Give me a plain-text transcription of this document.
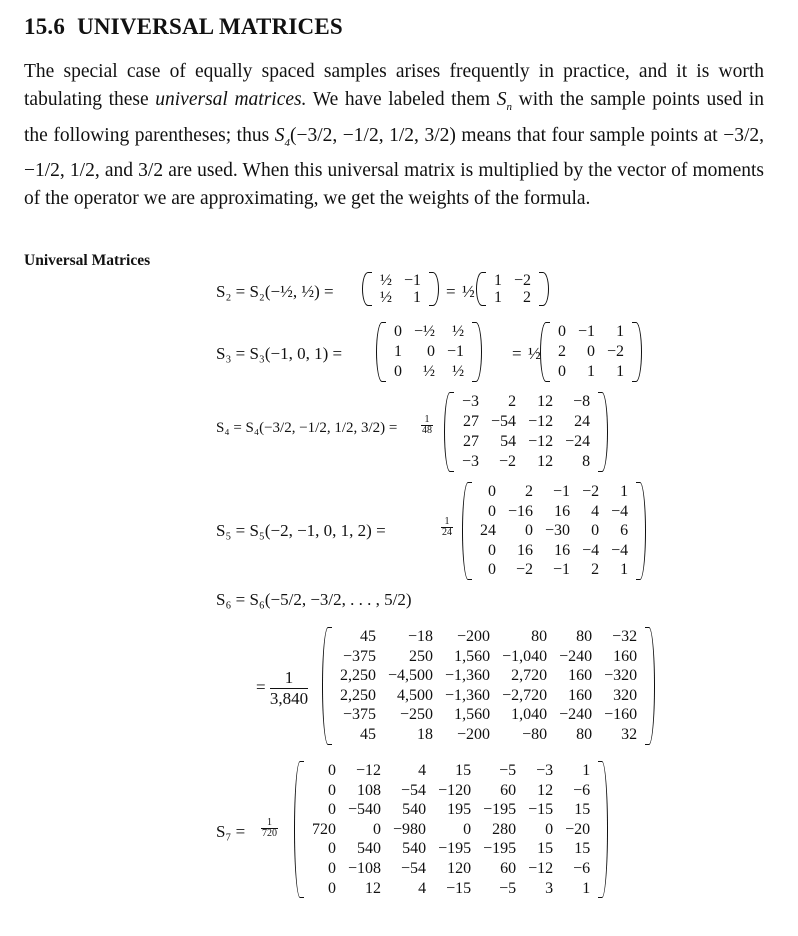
15.6 UNIVERSAL MATRICES
The special case of equally spaced samples arises frequently in practice, and it is worth tabulating these universal matrices. We have labeled them $S_n$ with the sample points used in the following parentheses; thus $S_4(-3/2$, −1/2, 1/2, 3/2) means that four sample points at −3/2, −1/2, 1/2, and 3/2 are used. When this universal matrix is multiplied by the vector of moments of the operator we are approximating, we get the weights of the formula.
Universal Matrices
S₂ = S₂(−½, ½) =
½	−1
½	1 = ½
1	−2
1	2
S₃ = S₃(−1, 0, 1) =
0	−½	½
1	0	−1
0	½	½
= ½
0	−1	1
2	0	−2
0	1	1
S₄ = S₄(−3/2, −1/2, 1/2, $3/2) = \frac{1}{48}$
−3	2	12	−8
27	−54	−12	24
27	54	−12	−24
−3	−2	12	8
S₅ = S₅(−2, −1, 0, 1, 2) =	$\frac{1}{24}$
0	2	−1	−2	1
0	−16	16	4	−4
24	0	−30	0	6
0	16	16	−4	−4
0	−2	−1	2	1
S₆ = S₆(−5/2, −3/2, . . . , 5/2)
= $\frac{1}{3,840}$
45	−18	−200	80	80	−32
−375	250	1,560	−1,040	−240	160
2,250	−4,500	−1,360	2,720	160	−320
2,250	4,500	−1,360	−2,720	160	320
−375	−250	1,560	1,040	−240	−160
45	18	−200	−80	80	32
$S_7 = \frac{1}{720}$
0	−12	4	15	−5	−3	1
0	108	−54	−120	60	12	−6
0	−540	540	195	−195	−15	15
720	0	−980	0	280	0	−20
0	540	540	−195	−195	15	15
0	−108	−54	120	60	−12	−6
0	12	4	−15	−5	3	1
